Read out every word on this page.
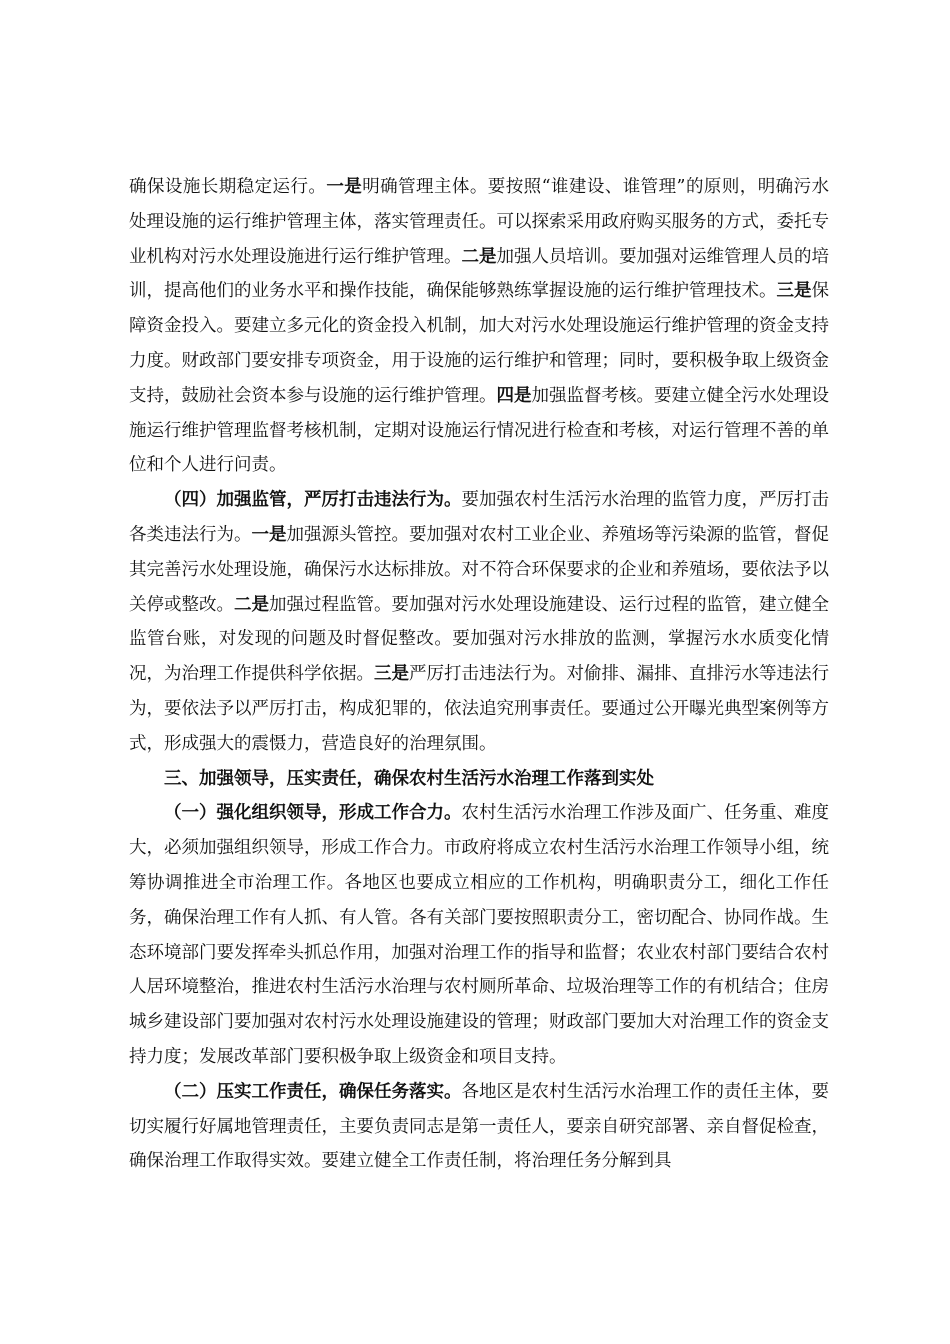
确保设施长期稳定运行。一是明确管理主体。要按照“谁建设、谁管理”的原则，明确污水处理设施的运行维护管理主体，落实管理责任。可以探索采用政府购买服务的方式，委托专业机构对污水处理设施进行运行维护管理。二是加强人员培训。要加强对运维管理人员的培训，提高他们的业务水平和操作技能，确保能够熟练掌握设施的运行维护管理技术。三是保障资金投入。要建立多元化的资金投入机制，加大对污水处理设施运行维护管理的资金支持力度。财政部门要安排专项资金，用于设施的运行维护和管理；同时，要积极争取上级资金支持，鼓励社会资本参与设施的运行维护管理。四是加强监督考核。要建立健全污水处理设施运行维护管理监督考核机制，定期对设施运行情况进行检查和考核，对运行管理不善的单位和个人进行问责。

（四）加强监管，严厉打击违法行为。要加强农村生活污水治理的监管力度，严厉打击各类违法行为。一是加强源头管控。要加强对农村工业企业、养殖场等污染源的监管，督促其完善污水处理设施，确保污水达标排放。对不符合环保要求的企业和养殖场，要依法予以关停或整改。二是加强过程监管。要加强对污水处理设施建设、运行过程的监管，建立健全监管台账，对发现的问题及时督促整改。要加强对污水排放的监测，掌握污水水质变化情况，为治理工作提供科学依据。三是严厉打击违法行为。对偷排、漏排、直排污水等违法行为，要依法予以严厉打击，构成犯罪的，依法追究刑事责任。要通过公开曝光典型案例等方式，形成强大的震慑力，营造良好的治理氛围。

三、加强领导，压实责任，确保农村生活污水治理工作落到实处

（一）强化组织领导，形成工作合力。农村生活污水治理工作涉及面广、任务重、难度大，必须加强组织领导，形成工作合力。市政府将成立农村生活污水治理工作领导小组，统筹协调推进全市治理工作。各地区也要成立相应的工作机构，明确职责分工，细化工作任务，确保治理工作有人抓、有人管。各有关部门要按照职责分工，密切配合、协同作战。生态环境部门要发挥牵头抓总作用，加强对治理工作的指导和监督；农业农村部门要结合农村人居环境整治，推进农村生活污水治理与农村厕所革命、垃圾治理等工作的有机结合；住房城乡建设部门要加强对农村污水处理设施建设的管理；财政部门要加大对治理工作的资金支持力度；发展改革部门要积极争取上级资金和项目支持。

（二）压实工作责任，确保任务落实。各地区是农村生活污水治理工作的责任主体，要切实履行好属地管理责任，主要负责同志是第一责任人，要亲自研究部署、亲自督促检查，确保治理工作取得实效。要建立健全工作责任制，将治理任务分解到具
